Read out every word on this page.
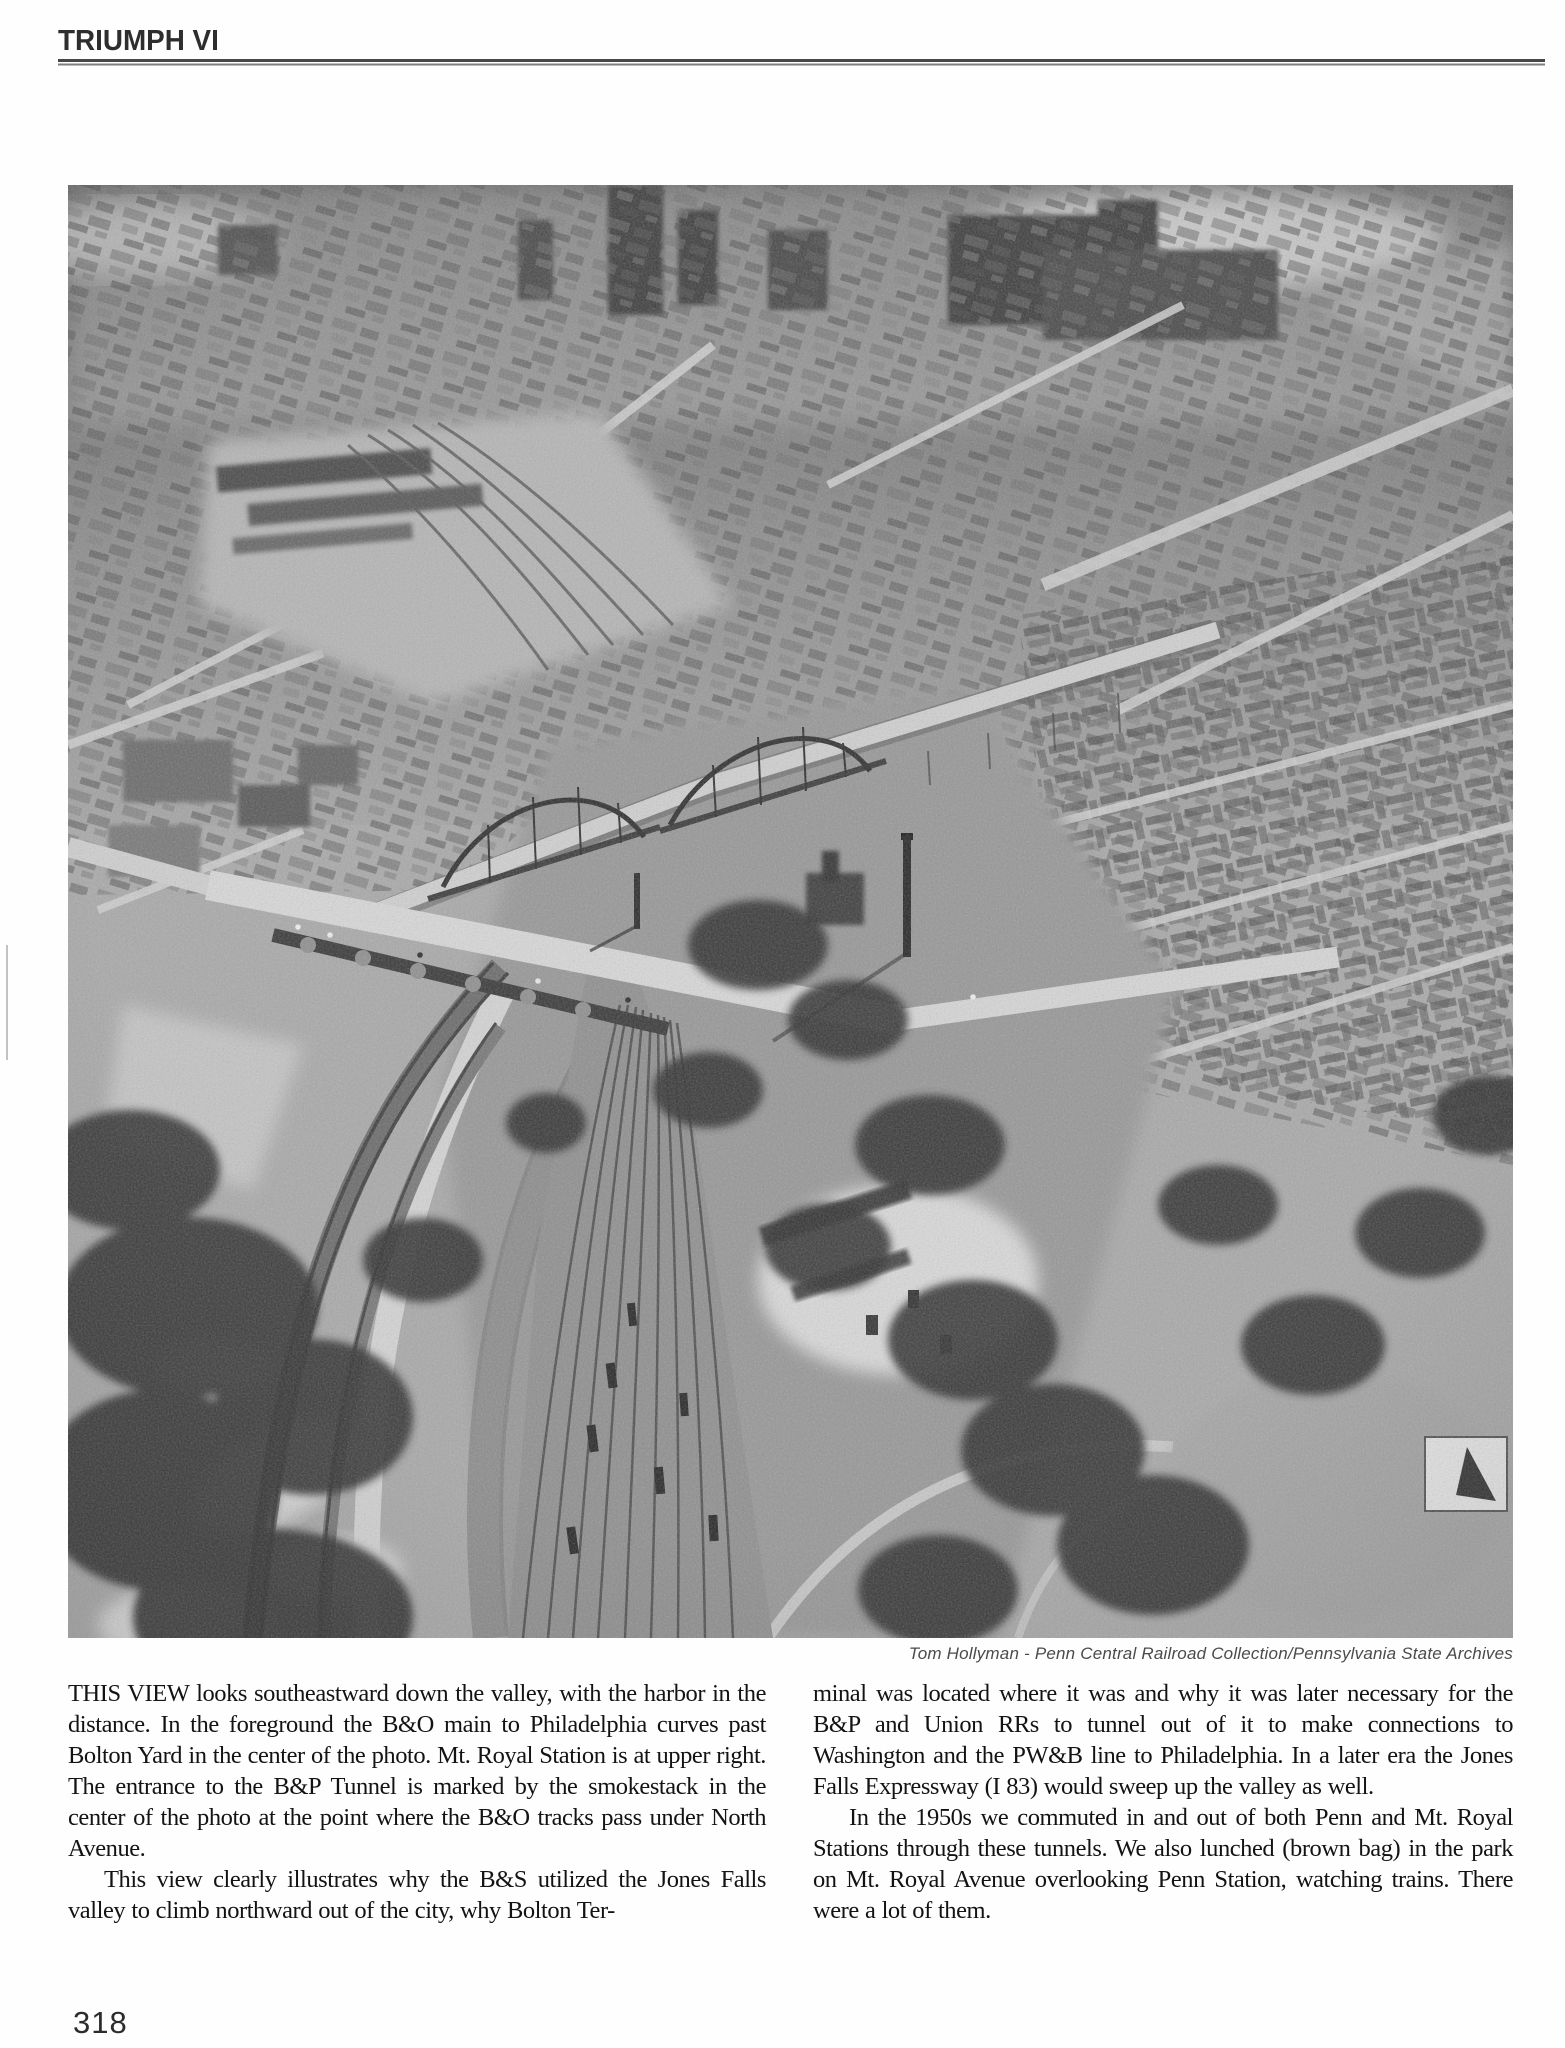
TRIUMPH VI
Tom Hollyman - Penn Central Railroad Collection/Pennsylvania State Archives

THIS VIEW looks southeastward down the valley, with the harbor in the distance. In the foreground the B&O main to Philadelphia curves past Bolton Yard in the center of the photo. Mt. Royal Station is at upper right. The entrance to the B&P Tunnel is marked by the smokestack in the center of the photo at the point where the B&O tracks pass under North Avenue.

This view clearly illustrates why the B&S utilized the Jones Falls valley to climb northward out of the city, why Bolton Ter-

minal was located where it was and why it was later necessary for the B&P and Union RRs to tunnel out of it to make connections to Washington and the PW&B line to Philadelphia. In a later era the Jones Falls Expressway (I 83) would sweep up the valley as well.

In the 1950s we commuted in and out of both Penn and Mt. Royal Stations through these tunnels. We also lunched (brown bag) in the park on Mt. Royal Avenue overlooking Penn Station, watching trains. There were a lot of them.

318
